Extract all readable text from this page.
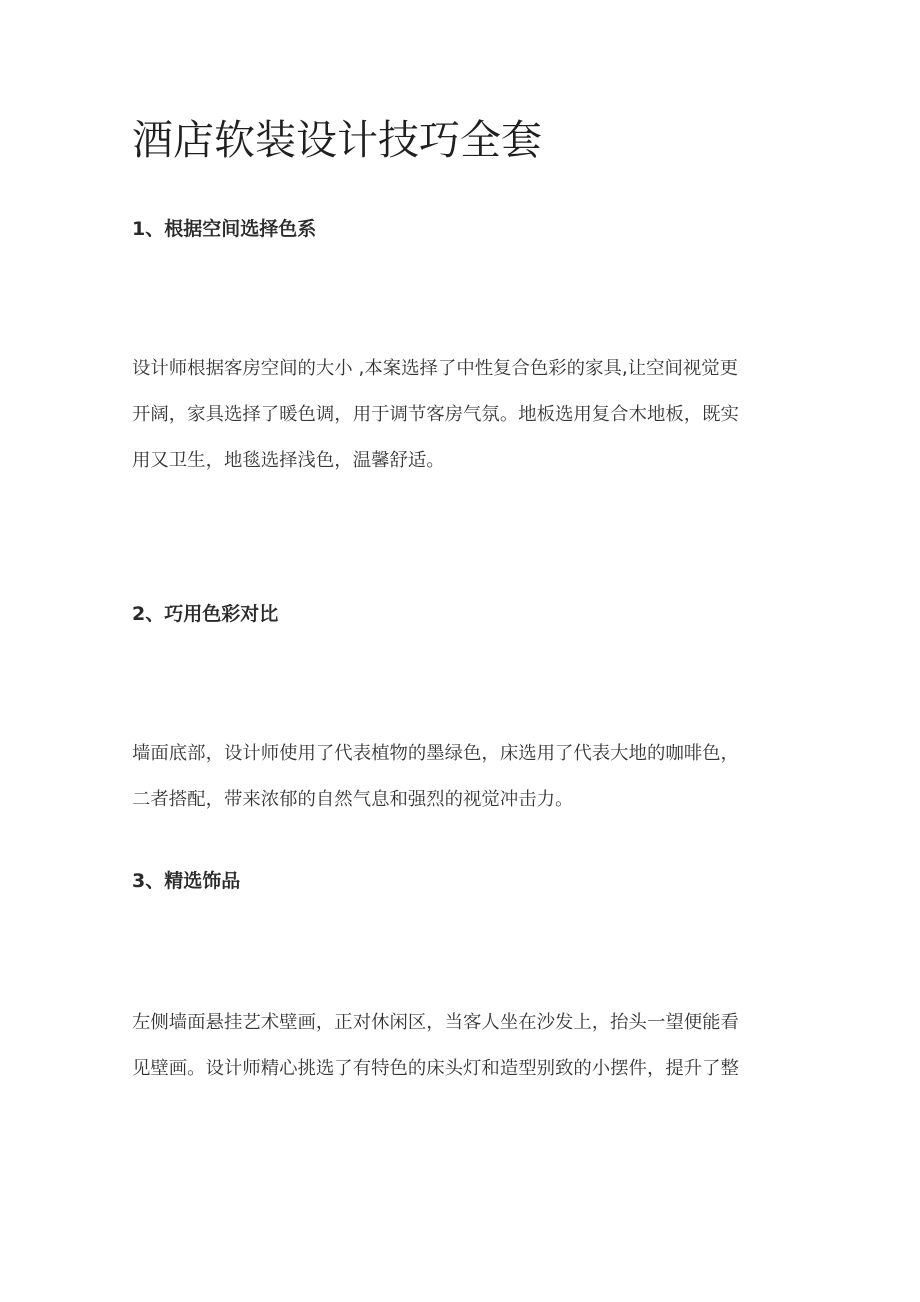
酒店软装设计技巧全套
1、根据空间选择色系

设计师根据客房空间的大小 ,本案选择了中性复合色彩的家具,让空间视觉更
开阔，家具选择了暖色调，用于调节客房气氛。地板选用复合木地板，既实
用又卫生，地毯选择浅色，温馨舒适。

2、巧用色彩对比

墙面底部，设计师使用了代表植物的墨绿色，床选用了代表大地的咖啡色，
二者搭配，带来浓郁的自然气息和强烈的视觉冲击力。

3、精选饰品

左侧墙面悬挂艺术壁画，正对休闲区，当客人坐在沙发上，抬头一望便能看
见壁画。设计师精心挑选了有特色的床头灯和造型别致的小摆件，提升了整
